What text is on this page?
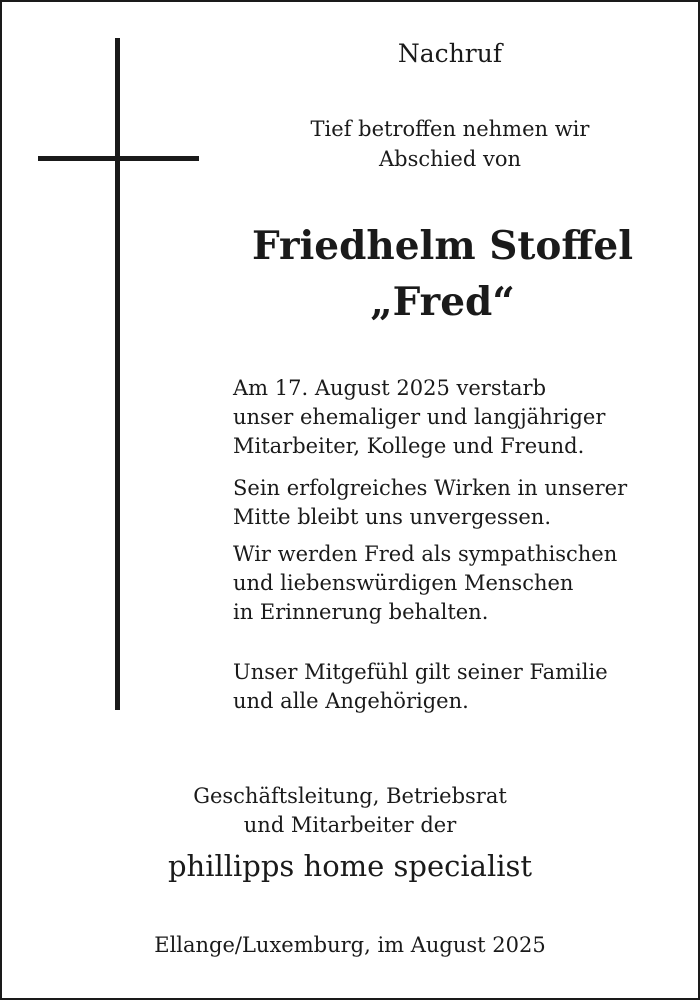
Nachruf
Tief betroffen nehmen wir
Abschied von
Friedhelm Stoffel
„Fred“
Am 17. August 2025 verstarb
unser ehemaliger und langjähriger
Mitarbeiter, Kollege und Freund.
Sein erfolgreiches Wirken in unserer
Mitte bleibt uns unvergessen.
Wir werden Fred als sympathischen
und liebenswürdigen Menschen
in Erinnerung behalten.
Unser Mitgefühl gilt seiner Familie
und alle Angehörigen.
Geschäftsleitung, Betriebsrat
und Mitarbeiter der
phillipps home specialist
Ellange/Luxemburg, im August 2025
